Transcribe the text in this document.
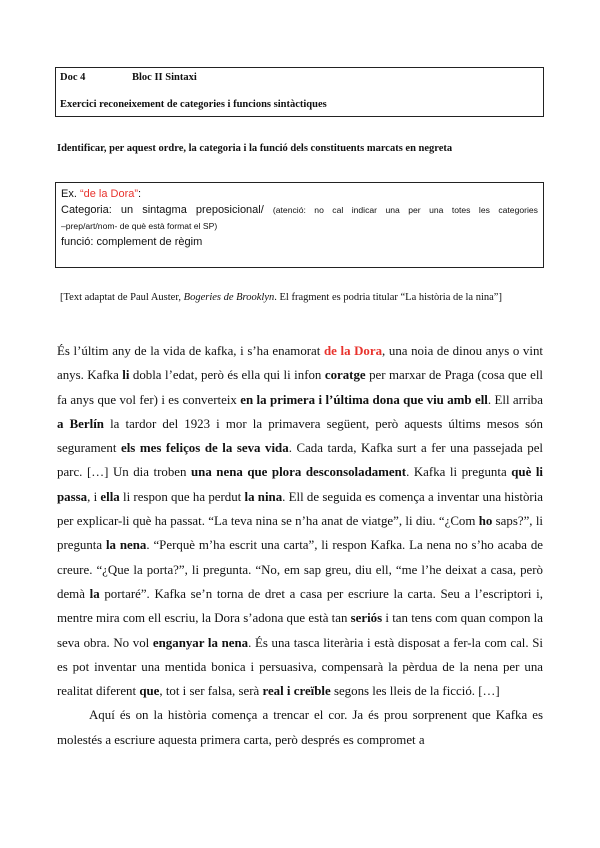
Doc 4	Bloc II Sintaxi
Exercici reconeixement de categories i funcions sintàctiques
Identificar, per aquest ordre, la categoria i la funció dels constituents marcats en negreta
Ex. “de la Dora”:
Categoria: un sintagma preposicional/ (atenció: no cal indicar una per una totes les categories
–prep/art/nom- de què està format el SP)
funció: complement de règim
[Text adaptat de Paul Auster, Bogeries de Brooklyn. El fragment es podria titular “La història de la nina”]

És l’últim any de la vida de kafka, i s’ha enamorat de la Dora, una noia de dinou anys o vint anys. Kafka li dobla l’edat, però és ella qui li infon coratge per marxar de Praga (cosa que ell fa anys que vol fer) i es converteix en la primera i l’última dona que viu amb ell. Ell arriba a Berlín la tardor del 1923 i mor la primavera següent, però aquests últims mesos són segurament els mes feliços de la seva vida. Cada tarda, Kafka surt a fer una passejada pel parc. […] Un dia troben una nena que plora desconsoladament. Kafka li pregunta què li passa, i ella li respon que ha perdut la nina. Ell de seguida es comença a inventar una història per explicar-li què ha passat. “La teva nina se n’ha anat de viatge”, li diu. “¿Com ho saps?”, li pregunta la nena. “Perquè m’ha escrit una carta”, li respon Kafka. La nena no s’ho acaba de creure. “¿Que la porta?”, li pregunta. “No, em sap greu, diu ell, “me l’he deixat a casa, però demà la portaré”. Kafka se’n torna de dret a casa per escriure la carta. Seu a l’escriptori i, mentre mira com ell escriu, la Dora s’adona que està tan seriós i tan tens com quan compon la seva obra. No vol enganyar la nena. És una tasca literària i està disposat a fer-la com cal. Si es pot inventar una mentida bonica i persuasiva, compensarà la pèrdua de la nena per una realitat diferent que, tot i ser falsa, serà real i creïble segons les lleis de la ficció. […]

Aquí és on la història comença a trencar el cor. Ja és prou sorprenent que Kafka es molestés a escriure aquesta primera carta, però després es compromet a
